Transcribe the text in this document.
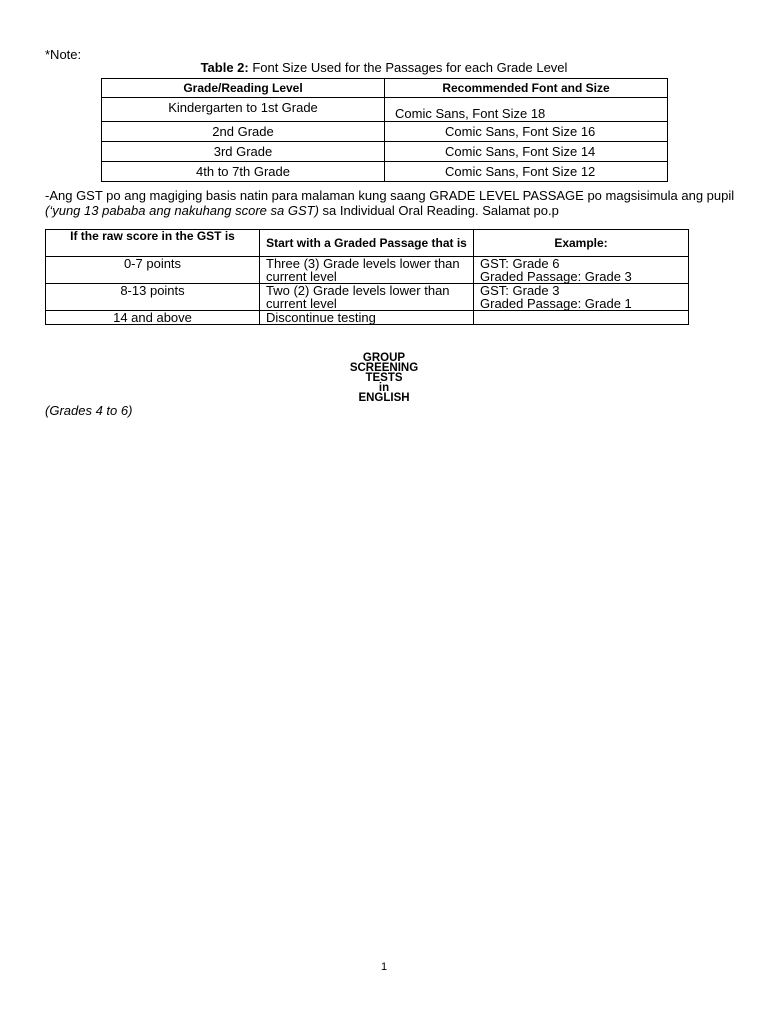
*Note:
Table 2: Font Size Used for the Passages for each Grade Level
Grade/Reading Level	Recommended Font and Size
Kindergarten to 1st Grade	Comic Sans, Font Size 18
2nd Grade	Comic Sans, Font Size 16
3rd Grade	Comic Sans, Font Size 14
4th to 7th Grade	Comic Sans, Font Size 12
-Ang GST po ang magiging basis natin para malaman kung saang GRADE LEVEL PASSAGE po magsisimula ang pupil (‘yung 13 pababa ang nakuhang score sa GST) sa Individual Oral Reading. Salamat po.p
If the raw score in the GST is	Start with a Graded Passage that is	Example:
0-7 points	Three (3) Grade levels lower than current level	GST: Grade 6
Graded Passage: Grade 3

8-13 points	Two (2) Grade levels lower than current level	GST: Grade 3
Graded Passage: Grade 1

14 and above	Discontinue testing	
GROUP
SCREENING
TESTS
in
ENGLISH
(Grades 4 to 6)
1
